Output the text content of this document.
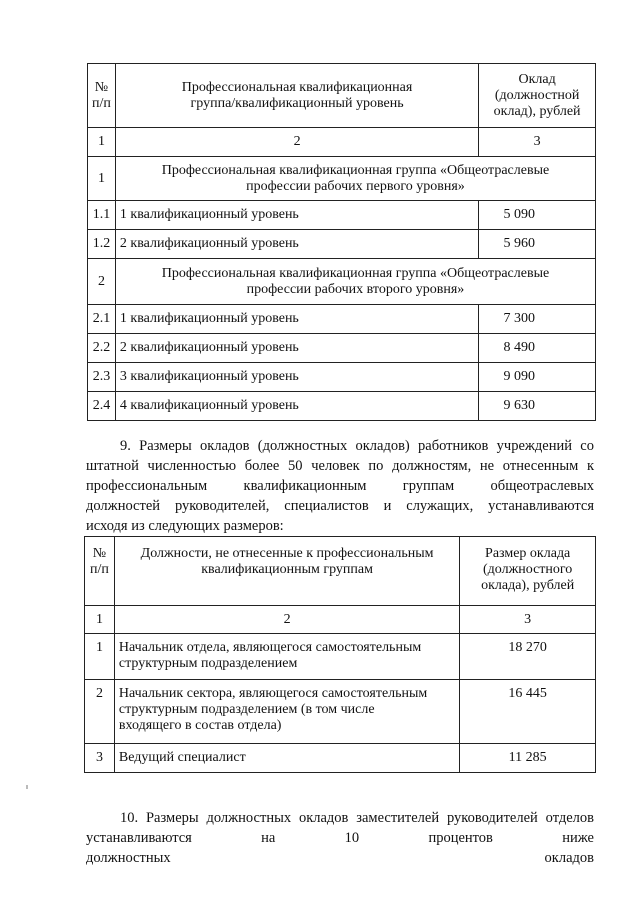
№
п/п	Профессиональная квалификационная
группа/квалификационный уровень	Оклад
(должностной
оклад), рублей
1	2	3
1	Профессиональная квалификационная группа «Общеотраслевые
профессии рабочих первого уровня»	
1.1	1 квалификационный уровень	5 090
1.2	2 квалификационный уровень	5 960
2	Профессиональная квалификационная группа «Общеотраслевые
профессии рабочих второго уровня»	
2.1	1 квалификационный уровень	7 300
2.2	2 квалификационный уровень	8 490
2.3	3 квалификационный уровень	9 090
2.4	4 квалификационный уровень	9 630
9. Размеры окладов (должностных окладов) работников учреждений со
штатной численностью более 50 человек по должностям, не отнесенным к
профессиональным квалификационным группам общеотраслевых
должностей руководителей, специалистов и служащих, устанавливаются
исходя из следующих размеров:
№
п/п	Должности, не отнесенные к профессиональным
квалификационным группам	Размер оклада
(должностного
оклада), рублей
1	2	3
1	Начальник отдела, являющегося самостоятельным
структурным подразделением	18 270
2	Начальник сектора, являющегося самостоятельным
структурным подразделением (в том числе
входящего в состав отдела)	16 445
3	Ведущий специалист	11 285
10. Размеры должностных окладов заместителей руководителей отделов
устанавливаются на 10 процентов ниже должностных окладов
